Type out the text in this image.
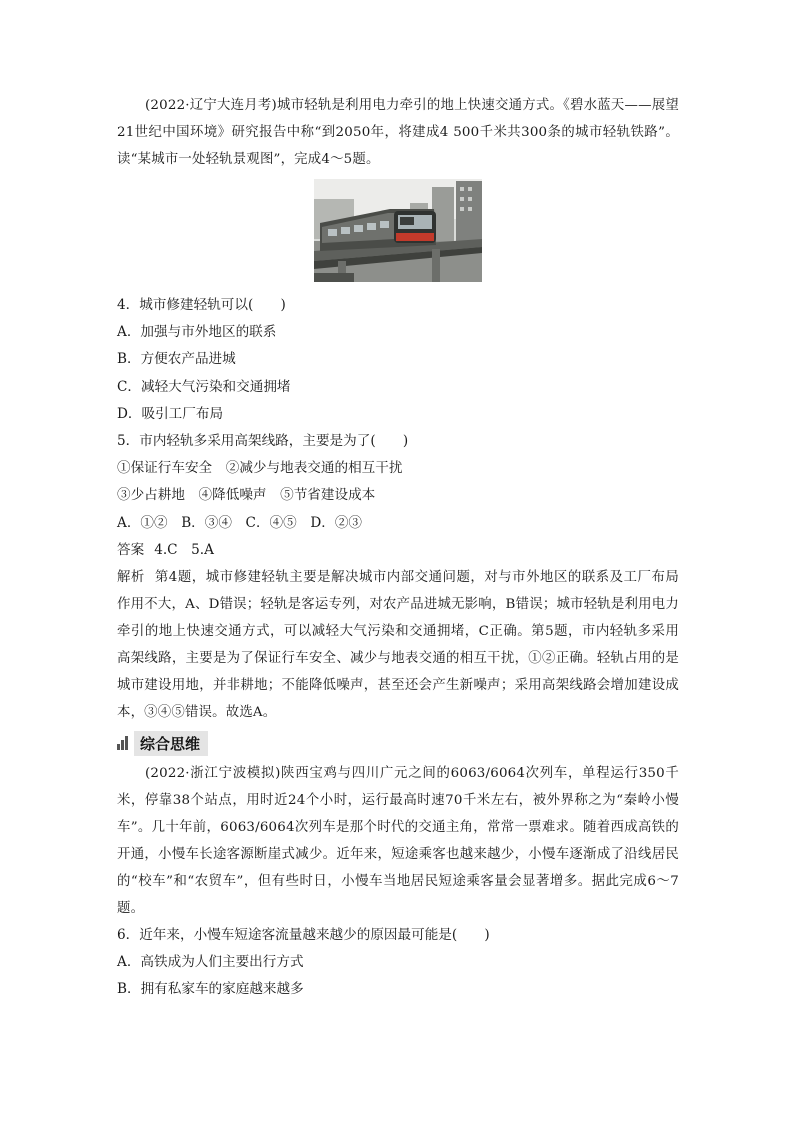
(2022·辽宁大连月考)城市轻轨是利用电力牵引的地上快速交通方式。《碧水蓝天——展望21世纪中国环境》研究报告中称“到2050年，将建成4 500千米共300条的城市轻轨铁路”。读“某城市一处轻轨景观图”，完成4～5题。

4．城市修建轻轨可以(　　)

A．加强与市外地区的联系

B．方便农产品进城

C．减轻大气污染和交通拥堵

D．吸引工厂布局

5．市内轻轨多采用高架线路，主要是为了(　　)

①保证行车安全　②减少与地表交通的相互干扰

③少占耕地　④降低噪声　⑤节省建设成本

A．①②　B．③④　C．④⑤　D．②③

答案 4.C　5.A

解析 第4题，城市修建轻轨主要是解决城市内部交通问题，对与市外地区的联系及工厂布局作用不大，A、D错误；轻轨是客运专列，对农产品进城无影响，B错误；城市轻轨是利用电力牵引的地上快速交通方式，可以减轻大气污染和交通拥堵，C正确。第5题，市内轻轨多采用高架线路，主要是为了保证行车安全、减少与地表交通的相互干扰，①②正确。轻轨占用的是城市建设用地，并非耕地；不能降低噪声，甚至还会产生新噪声；采用高架线路会增加建设成本，③④⑤错误。故选A。

综合思维

(2022·浙江宁波模拟)陕西宝鸡与四川广元之间的6063/6064次列车，单程运行350千米，停靠38个站点，用时近24个小时，运行最高时速70千米左右，被外界称之为“秦岭小慢车”。几十年前，6063/6064次列车是那个时代的交通主角，常常一票难求。随着西成高铁的开通，小慢车长途客源断崖式减少。近年来，短途乘客也越来越少，小慢车逐渐成了沿线居民的“校车”和“农贸车”，但有些时日，小慢车当地居民短途乘客量会显著增多。据此完成6～7题。

6．近年来，小慢车短途客流量越来越少的原因最可能是(　　)

A．高铁成为人们主要出行方式

B．拥有私家车的家庭越来越多
